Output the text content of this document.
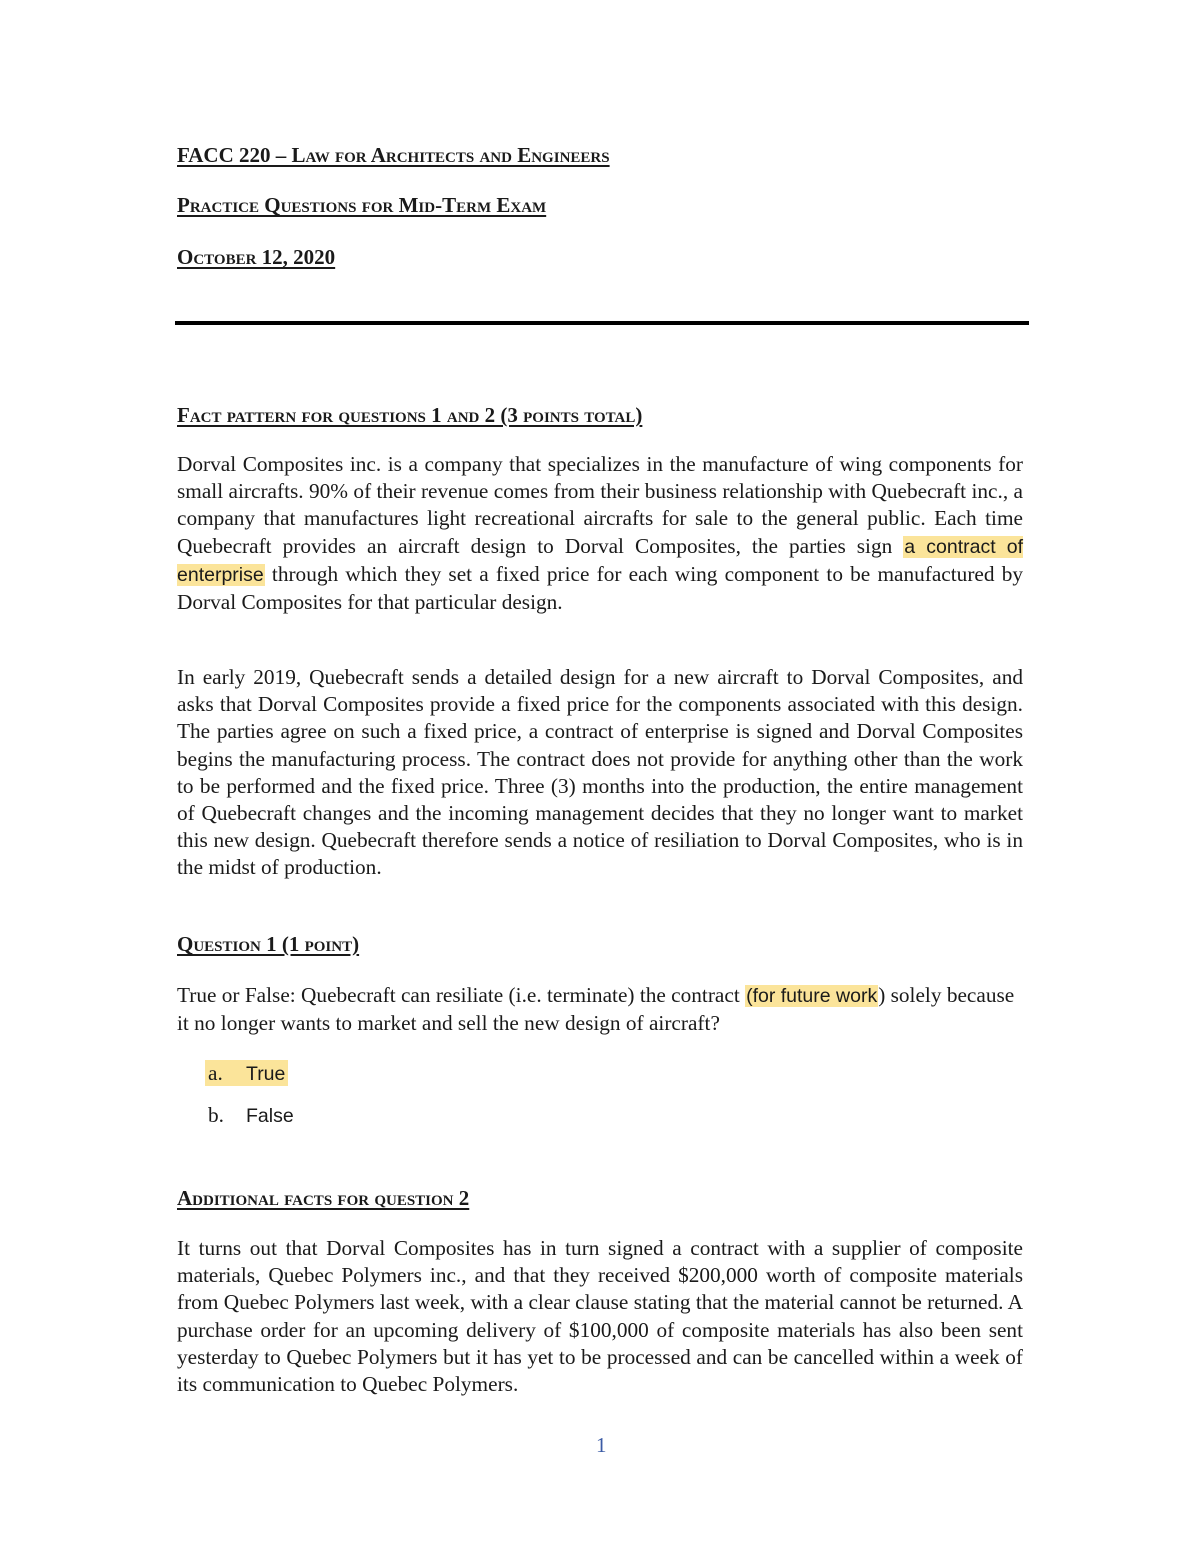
FACC 220 – Law for Architects and Engineers
Practice Questions for Mid-Term Exam
October 12, 2020
Fact pattern for questions 1 and 2 (3 points total)

Dorval Composites inc. is a company that specializes in the manufacture of wing components for small aircrafts. 90% of their revenue comes from their business relationship with Quebecraft inc., a company that manufactures light recreational aircrafts for sale to the general public. Each time Quebecraft provides an aircraft design to Dorval Composites, the parties sign a contract of enterprise through which they set a fixed price for each wing component to be manufactured by Dorval Composites for that particular design.

In early 2019, Quebecraft sends a detailed design for a new aircraft to Dorval Composites, and asks that Dorval Composites provide a fixed price for the components associated with this design. The parties agree on such a fixed price, a contract of enterprise is signed and Dorval Composites begins the manufacturing process. The contract does not provide for anything other than the work to be performed and the fixed price. Three (3) months into the production, the entire management of Quebecraft changes and the incoming management decides that they no longer want to market this new design. Quebecraft therefore sends a notice of resiliation to Dorval Composites, who is in the midst of production.

Question 1 (1 point)

True or False: Quebecraft can resiliate (i.e. terminate) the contract (for future work) solely because it no longer wants to market and sell the new design of aircraft?

a. True
b. False
Additional facts for question 2

It turns out that Dorval Composites has in turn signed a contract with a supplier of composite materials, Quebec Polymers inc., and that they received $200,000 worth of composite materials from Quebec Polymers last week, with a clear clause stating that the material cannot be returned. A purchase order for an upcoming delivery of $100,000 of composite materials has also been sent yesterday to Quebec Polymers but it has yet to be processed and can be cancelled within a week of its communication to Quebec Polymers.

1
